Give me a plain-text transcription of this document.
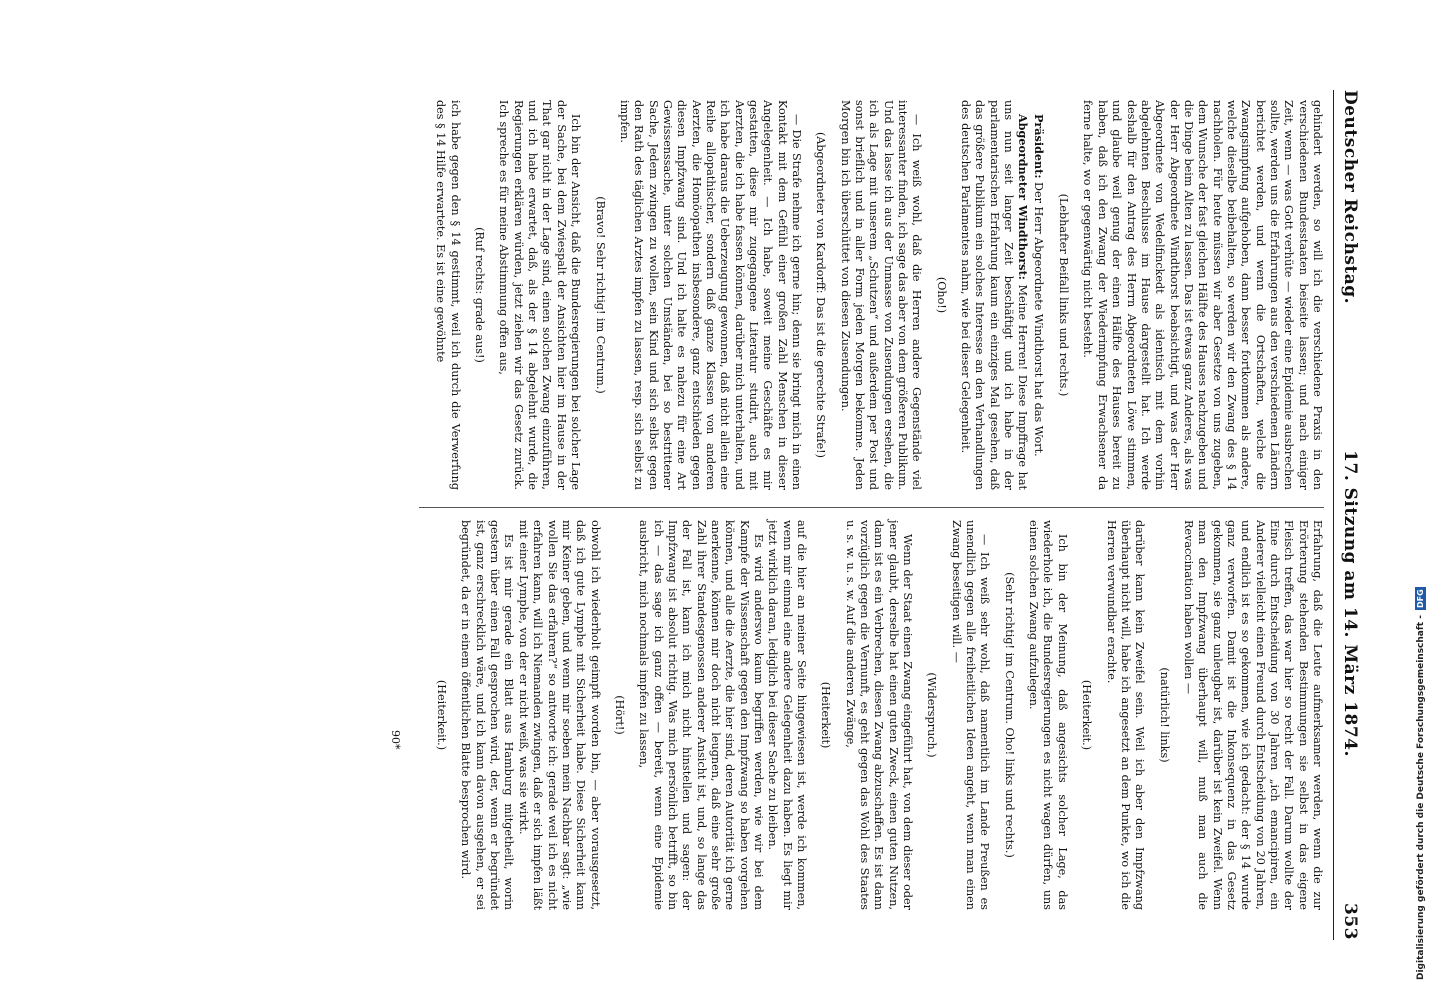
Deutscher Reichstag.
17. Sitzung am 14. März 1874.
353

gehindert werden, so will ich die verschiedene Praxis in den verschiedenen Bundesstaaten beiseite lassen; und nach einiger Zeit, wenn — was Gott verhüte — wieder eine Epidemie ausbrechen sollte, werden uns die Erfahrungen aus den verschiedenen Ländern berichtet werden, und wenn die Ortschaften, welche die Zwangsimpfung aufgehoben, dann besser fortkommen als andere, welche dieselbe beibehalten, so werden wir den Zwang des § 14 nachholen. Für heute müssen wir aber Gesetze von uns zugeben, dem Wunsche der fast gleichen Hälfte des Hauses nachzugeben und die Dinge beim Alten zu lassen. Das ist etwas ganz Anderes, als was der Herr Abgeordnete Windthorst beabsichtigt, und was der Herr Abgeordnete von Wedelfinckedt als identisch mit dem vorhin abgelehnten Beschlusse im Hause dargestellt hat. Ich werde deshalb für den Antrag des Herrn Abgeordneten Löwe stimmen, und glaube weil genug der einen Hälfte des Hauses bereit zu haben, daß ich den Zwang der Wiederimpfung Erwachsener da ferne halte, wo er gegenwärtig nicht besteht.

(Lebhafter Beifall links und rechts.)

Präsident: Der Herr Abgeordnete Windthorst hat das Wort.

Abgeordneter Windthorst: Meine Herren! Diese Impffrage hat uns nun seit langer Zeit beschäftigt und ich habe in der parlamentarischen Erfahrung kaum ein einziges Mal gesehen, daß das größere Publikum ein solches Interesse an den Verhandlungen des deutschen Parlamentes nahm, wie bei dieser Gelegenheit.

(Oho!)

— Ich weiß wohl, daß die Herren andere Gegenstände viel interessanter finden, ich sage das aber von dem größeren Publikum. Und das lasse ich aus der Unmasse von Zusendungen ersehen, die ich als Lage mit unserem „Schutzen“ und außerdem per Post und sonst brieflich und in aller Form jeden Morgen bekomme. Jeden Morgen bin ich überschüttet von diesen Zusendungen.

(Abgeordneter von Kardorff: Das ist die gerechte Strafe!)

— Die Strafe nehme ich gerne hin; denn sie bringt mich in einen Kontakt mit dem Gefühl einer großen Zahl Menschen in dieser Angelegenheit. — Ich habe, soweit meine Geschäfte es mir gestatten, diese mir zugegangene Literatur studirt, auch mit Aerzten, die ich habe fassen können, darüber mich unterhalten, und ich habe daraus die Ueberzeugung gewonnen, daß nicht allein eine Reihe allopathischer, sondern daß ganze Klassen von anderen Aerzten, die Homöopathen insbesondere, ganz entschieden gegen diesen Impfzwang sind. Und ich halte es nahezu für eine Art Gewissenssache, unter solchen Umständen, bei so bestrittener Sache, Jedem zwingen zu wollen, sein Kind und sich selbst gegen den Rath des täglichen Arztes impfen zu lassen, resp. sich selbst zu impfen.

(Bravo! Sehr richtig! im Centrum.)

Ich bin der Ansicht, daß die Bundesregierungen bei solcher Lage der Sache, bei dem Zwiespalt der Ansichten hier im Hause in der That gar nicht in der Lage sind, einen solchen Zwang einzuführen, und ich habe erwartet, daß, als der § 14 abgelehnt wurde, die Regierungen erklären würden, jetzt ziehen wir das Gesetz zurück. Ich spreche es für meine Abstimmung offen aus,

(Ruf rechts: grade aus!)

ich habe gegen den § 14 gestimmt, weil ich durch die Verwerfung des § 14 Hilfe erwartete. Es ist eine gewöhnte

Erfahrung, daß die Leute aufmerksamer werden, wenn die zur Erörterung stehenden Bestimmungen sie selbst in das eigene Fleisch treffen, das war hier so recht der Fall. Darum wollte der Eine durch Entscheidung von 30 Jahren „ich emancipiren, ein Anderer vielleicht einen Freund durch Entscheidung von 20 Jahren, und endlich ist es so gekommen, wie ich gedacht: der § 14 wurde ganz verworfen. Damit ist die Inkonsequenz in das Gesetz gekommen, sie ganz unleugbar ist, darüber ist kein Zweifel. Wenn man den Impfzwang überhaupt will, muß man auch die Revaccination haben wollen —

(natürlich! links)

darüber kann kein Zweifel sein. Weil ich aber den Impfzwang überhaupt nicht will, habe ich angesetzt an dem Punkte, wo ich die Herren verwundbar erachte.

(Heiterkeit.)

Ich bin der Meinung, daß angesichts solcher Lage, das wiederhole ich, die Bundesregierungen es nicht wagen dürfen, uns einen solchen Zwang aufzulegen.

(Sehr richtig! im Centrum. Oho! links und rechts.)

— Ich weiß sehr wohl, daß namentlich im Lande Preußen es unendlich gegen alle freiheitlichen Ideen angeht, wenn man einen Zwang beseitigen will. —

(Widerspruch.)

Wenn der Staat einen Zwang eingeführt hat, von dem dieser oder jener glaubt, derselbe hat einen guten Zweck, einen guten Nutzen, dann ist es ein Verbrechen, diesen Zwang abzuschaffen. Es ist dann vorzüglich gegen die Vernunft, es geht gegen das Wohl des Staates u. s. w. u. s. w. Auf die anderen Zwänge,

(Heiterkeit)

auf die hier an meiner Seite hingewiesen ist, werde ich kommen, wenn mir einmal eine andere Gelegenheit dazu haben. Es liegt mir jetzt wirklich daran, lediglich bei dieser Sache zu bleiben.

Es wird anderswo kaum begriffen werden, wie wir bei dem Kampfe der Wissenschaft gegen den Impfzwang so haben vorgehen können, und alle die Aerzte, die hier sind, deren Autorität ich gerne anerkenne, können mir doch nicht leugnen, daß eine sehr große Zahl ihrer Standesgenossen anderer Ansicht ist, und, so lange das der Fall ist, kann ich mich nicht hinstellen und sagen: der Impfzwang ist absolut richtig. Was mich persönlich betrifft, so bin ich — das sage ich ganz offen — bereit, wenn eine Epidemie ausbricht, mich nochmals impfen zu lassen,

(Hört!)

obwohl ich wiederholt geimpft worden bin, — aber vorausgesetzt, daß ich gute Lymphe mit Sicherheit habe. Diese Sicherheit kann mir Keiner geben, und wenn mir soeben mein Nachbar sagt: „wie wollen Sie das erfahren?“ so antworte ich: gerade weil ich es nicht erfahren kann, will ich Niemanden zwingen, daß er sich impfen läßt mit einer Lymphe, von der er nicht weiß, was sie wirkt.

Es ist mir gerade ein Blatt aus Hamburg mitgetheilt, worin gestern über einen Fall gesprochen wird, der, wenn er begründet ist, ganz erschrecklich wäre, und ich kann davon ausgehen, er sei begründet, da er in einem öffentlichen Blatte besprochen wird.

(Heiterkeit.)

90*	Digitalisierung gefördert durch die Deutsche Forschungsgemeinschaft - DFG
